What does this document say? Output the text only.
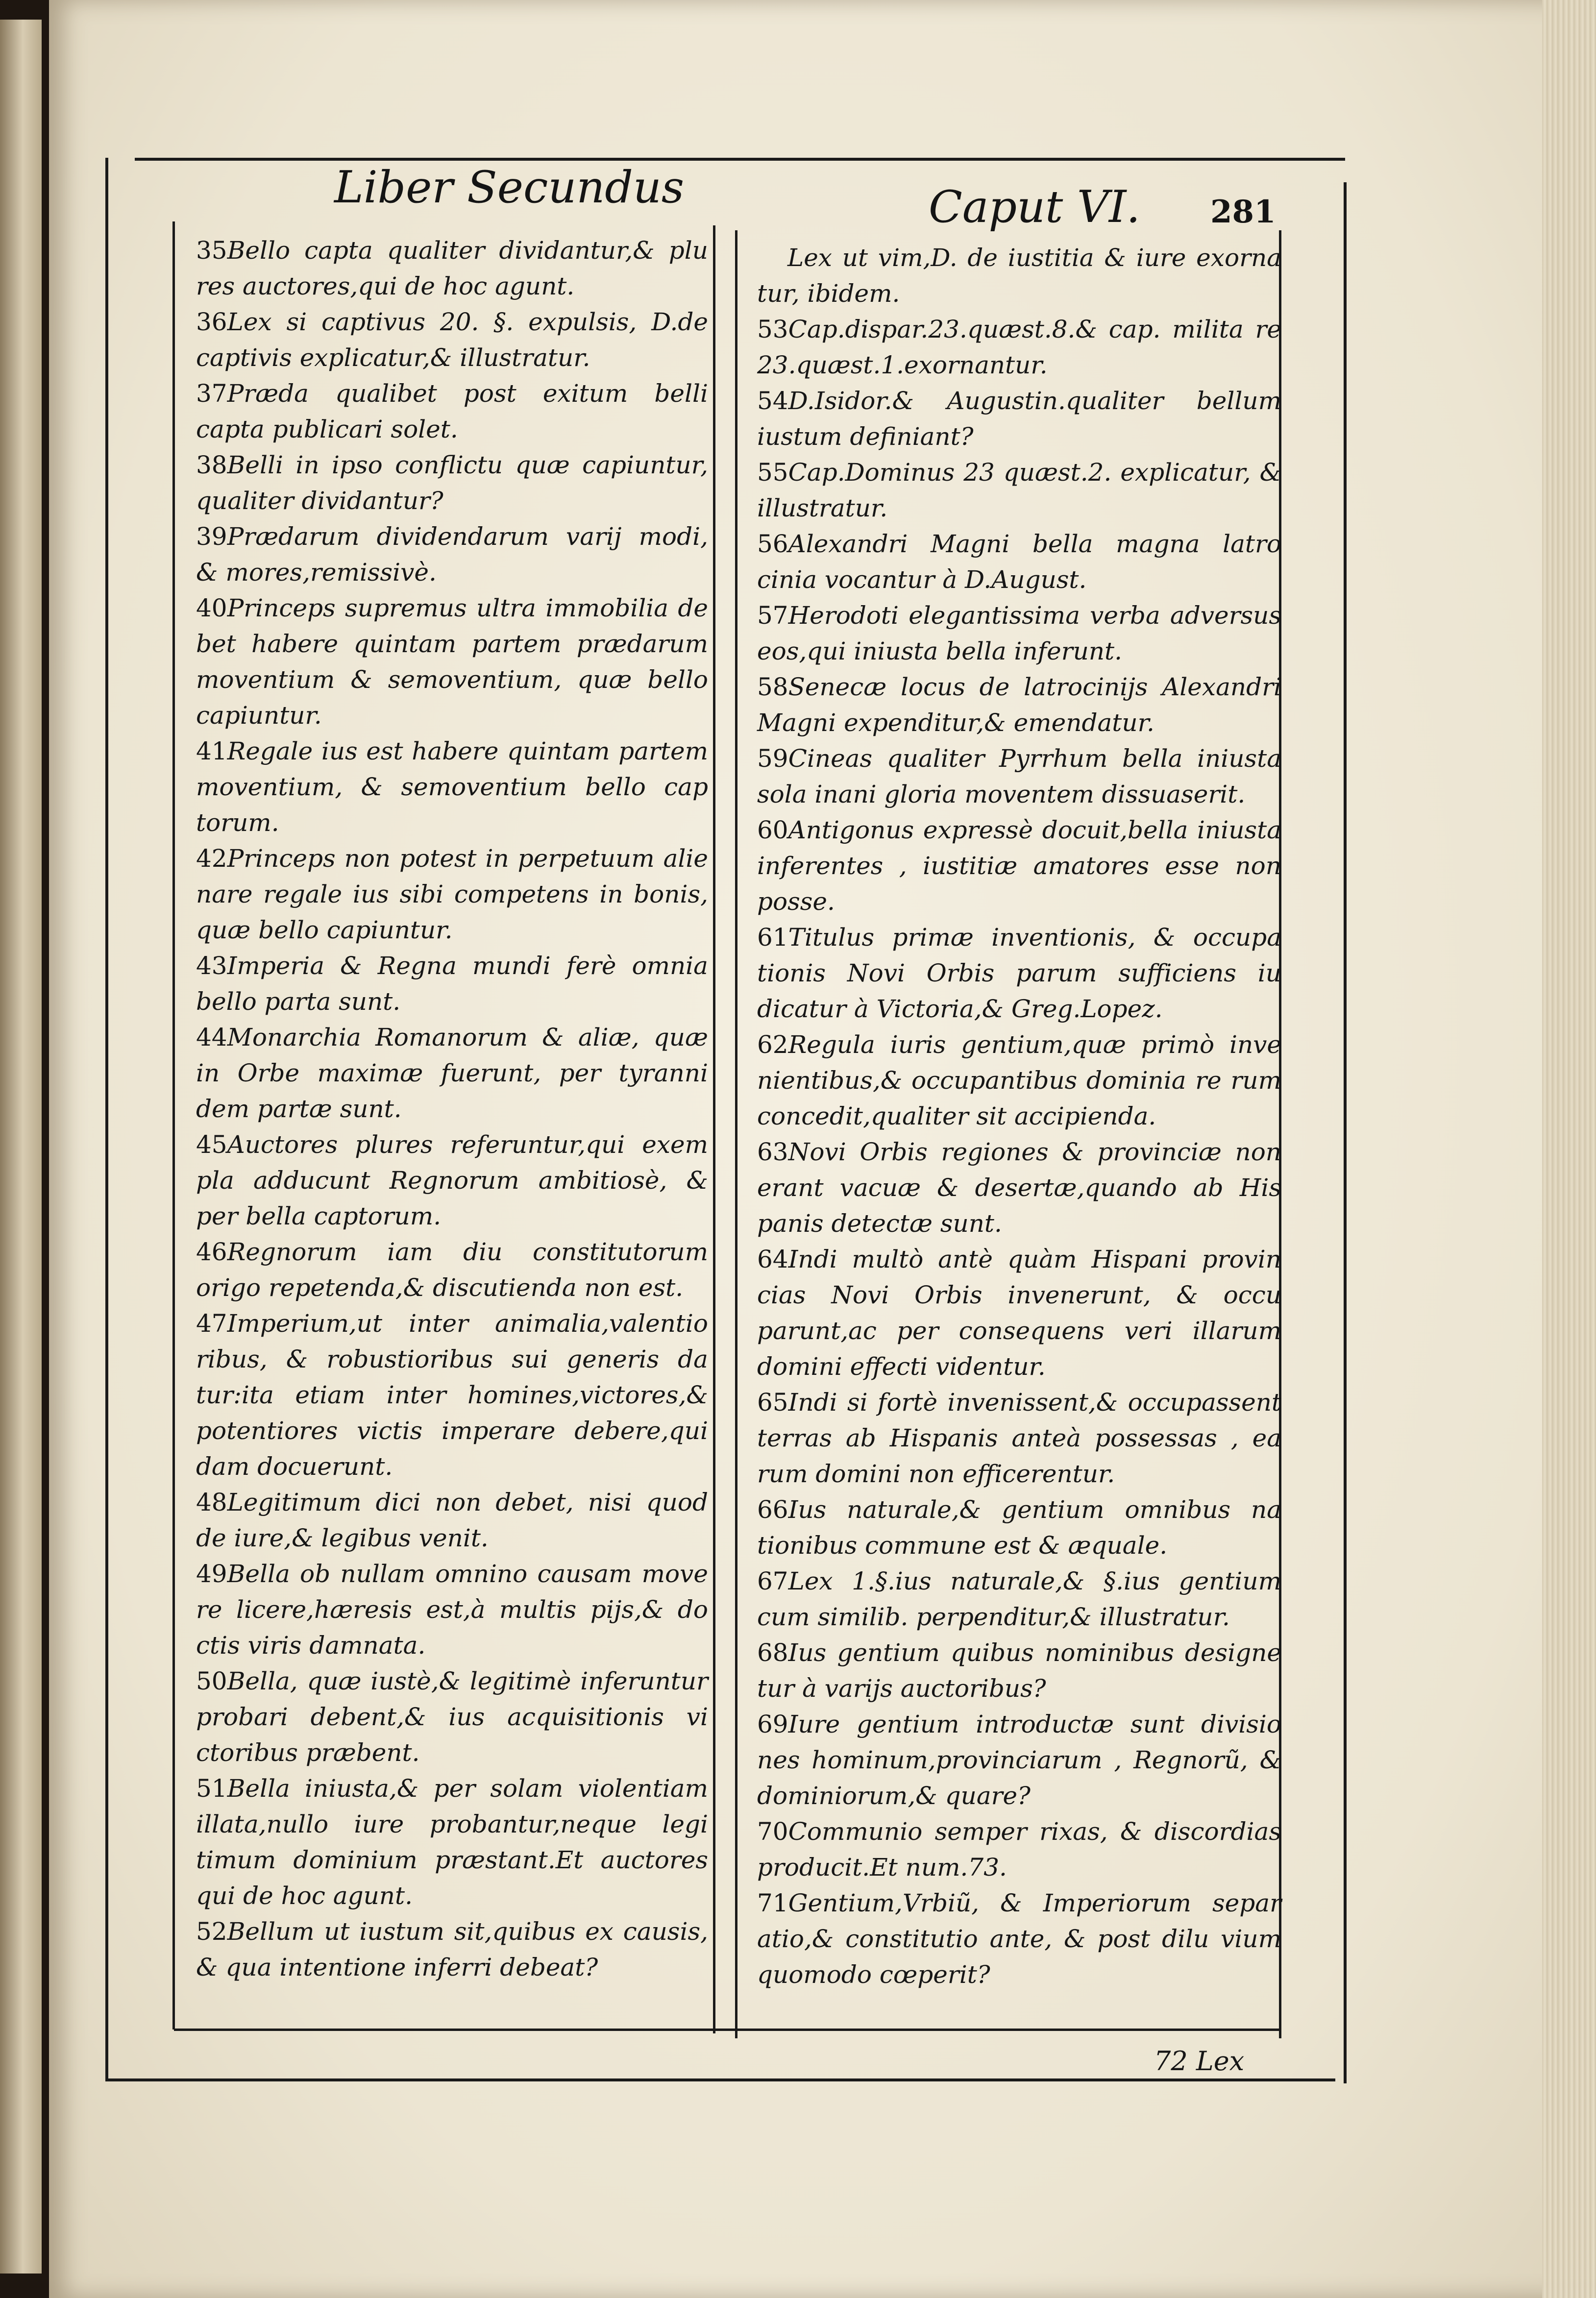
Liber Secundus	Caput VI. 281

35Bello capta qualiter dividantur,& plu res auctores,qui de hoc agunt.

36Lex si captivus 20. §. expulsis, D.de captivis explicatur,& illustratur.

37Præda qualibet post exitum belli capta publicari solet.

38Belli in ipso conflictu quæ capiuntur, qualiter dividantur?

39Prædarum dividendarum varij modi, & mores,remissivè.

40Princeps supremus ultra immobilia de bet habere quintam partem prædarum moventium & semoventium, quæ bello capiuntur.

41Regale ius est habere quintam partem moventium, & semoventium bello cap torum.

42Princeps non potest in perpetuum alie nare regale ius sibi competens in bonis, quæ bello capiuntur.

43Imperia & Regna mundi ferè omnia bello parta sunt.

44Monarchia Romanorum & aliæ, quæ in Orbe maximæ fuerunt, per tyranni dem partæ sunt.

45Auctores plures referuntur,qui exem pla adducunt Regnorum ambitiosè, & per bella captorum.

46Regnorum iam diu constitutorum origo repetenda,& discutienda non est.

47Imperium,ut inter animalia,valentio ribus, & robustioribus sui generis da tur:ita etiam inter homines,victores,& potentiores victis imperare debere,qui dam docuerunt.

48Legitimum dici non debet, nisi quod de iure,& legibus venit.

49Bella ob nullam omnino causam move re licere,hæresis est,à multis pijs,& do ctis viris damnata.

50Bella, quæ iustè,& legitimè inferuntur probari debent,& ius acquisitionis vi ctoribus præbent.

51Bella iniusta,& per solam violentiam illata,nullo iure probantur,neque legi timum dominium præstant.Et auctores qui de hoc agunt.

52Bellum ut iustum sit,quibus ex causis, & qua intentione inferri debeat?

Lex ut vim,D. de iustitia & iure exorna tur, ibidem.

53Cap.dispar.23.quæst.8.& cap. milita re 23.quæst.1.exornantur.

54D.Isidor.& Augustin.qualiter bellum iustum definiant?

55Cap.Dominus 23 quæst.2. explicatur, & illustratur.

56Alexandri Magni bella magna latro cinia vocantur à D.August.

57Herodoti elegantissima verba adversus eos,qui iniusta bella inferunt.

58Senecæ locus de latrocinijs Alexandri Magni expenditur,& emendatur.

59Cineas qualiter Pyrrhum bella iniusta sola inani gloria moventem dissuaserit.

60Antigonus expressè docuit,bella iniusta inferentes , iustitiæ amatores esse non posse.

61Titulus primæ inventionis, & occupa tionis Novi Orbis parum sufficiens iu dicatur à Victoria,& Greg.Lopez.

62Regula iuris gentium,quæ primò inve nientibus,& occupantibus dominia re rum concedit,qualiter sit accipienda.

63Novi Orbis regiones & provinciæ non erant vacuæ & desertæ,quando ab His panis detectæ sunt.

64Indi multò antè quàm Hispani provin cias Novi Orbis invenerunt, & occu parunt,ac per consequens veri illarum domini effecti videntur.

65Indi si fortè invenissent,& occupassent terras ab Hispanis anteà possessas , ea rum domini non efficerentur.

66Ius naturale,& gentium omnibus na tionibus commune est & æquale.

67Lex 1.§.ius naturale,& §.ius gentium cum similib. perpenditur,& illustratur.

68Ius gentium quibus nominibus designe tur à varijs auctoribus?

69Iure gentium introductæ sunt divisio nes hominum,provinciarum , Regnorũ, & dominiorum,& quare?

70Communio semper rixas, & discordias producit.Et num.73.

71Gentium,Vrbiũ, & Imperiorum separ atio,& constitutio ante, & post dilu vium quomodo cœperit?

72 Lex
